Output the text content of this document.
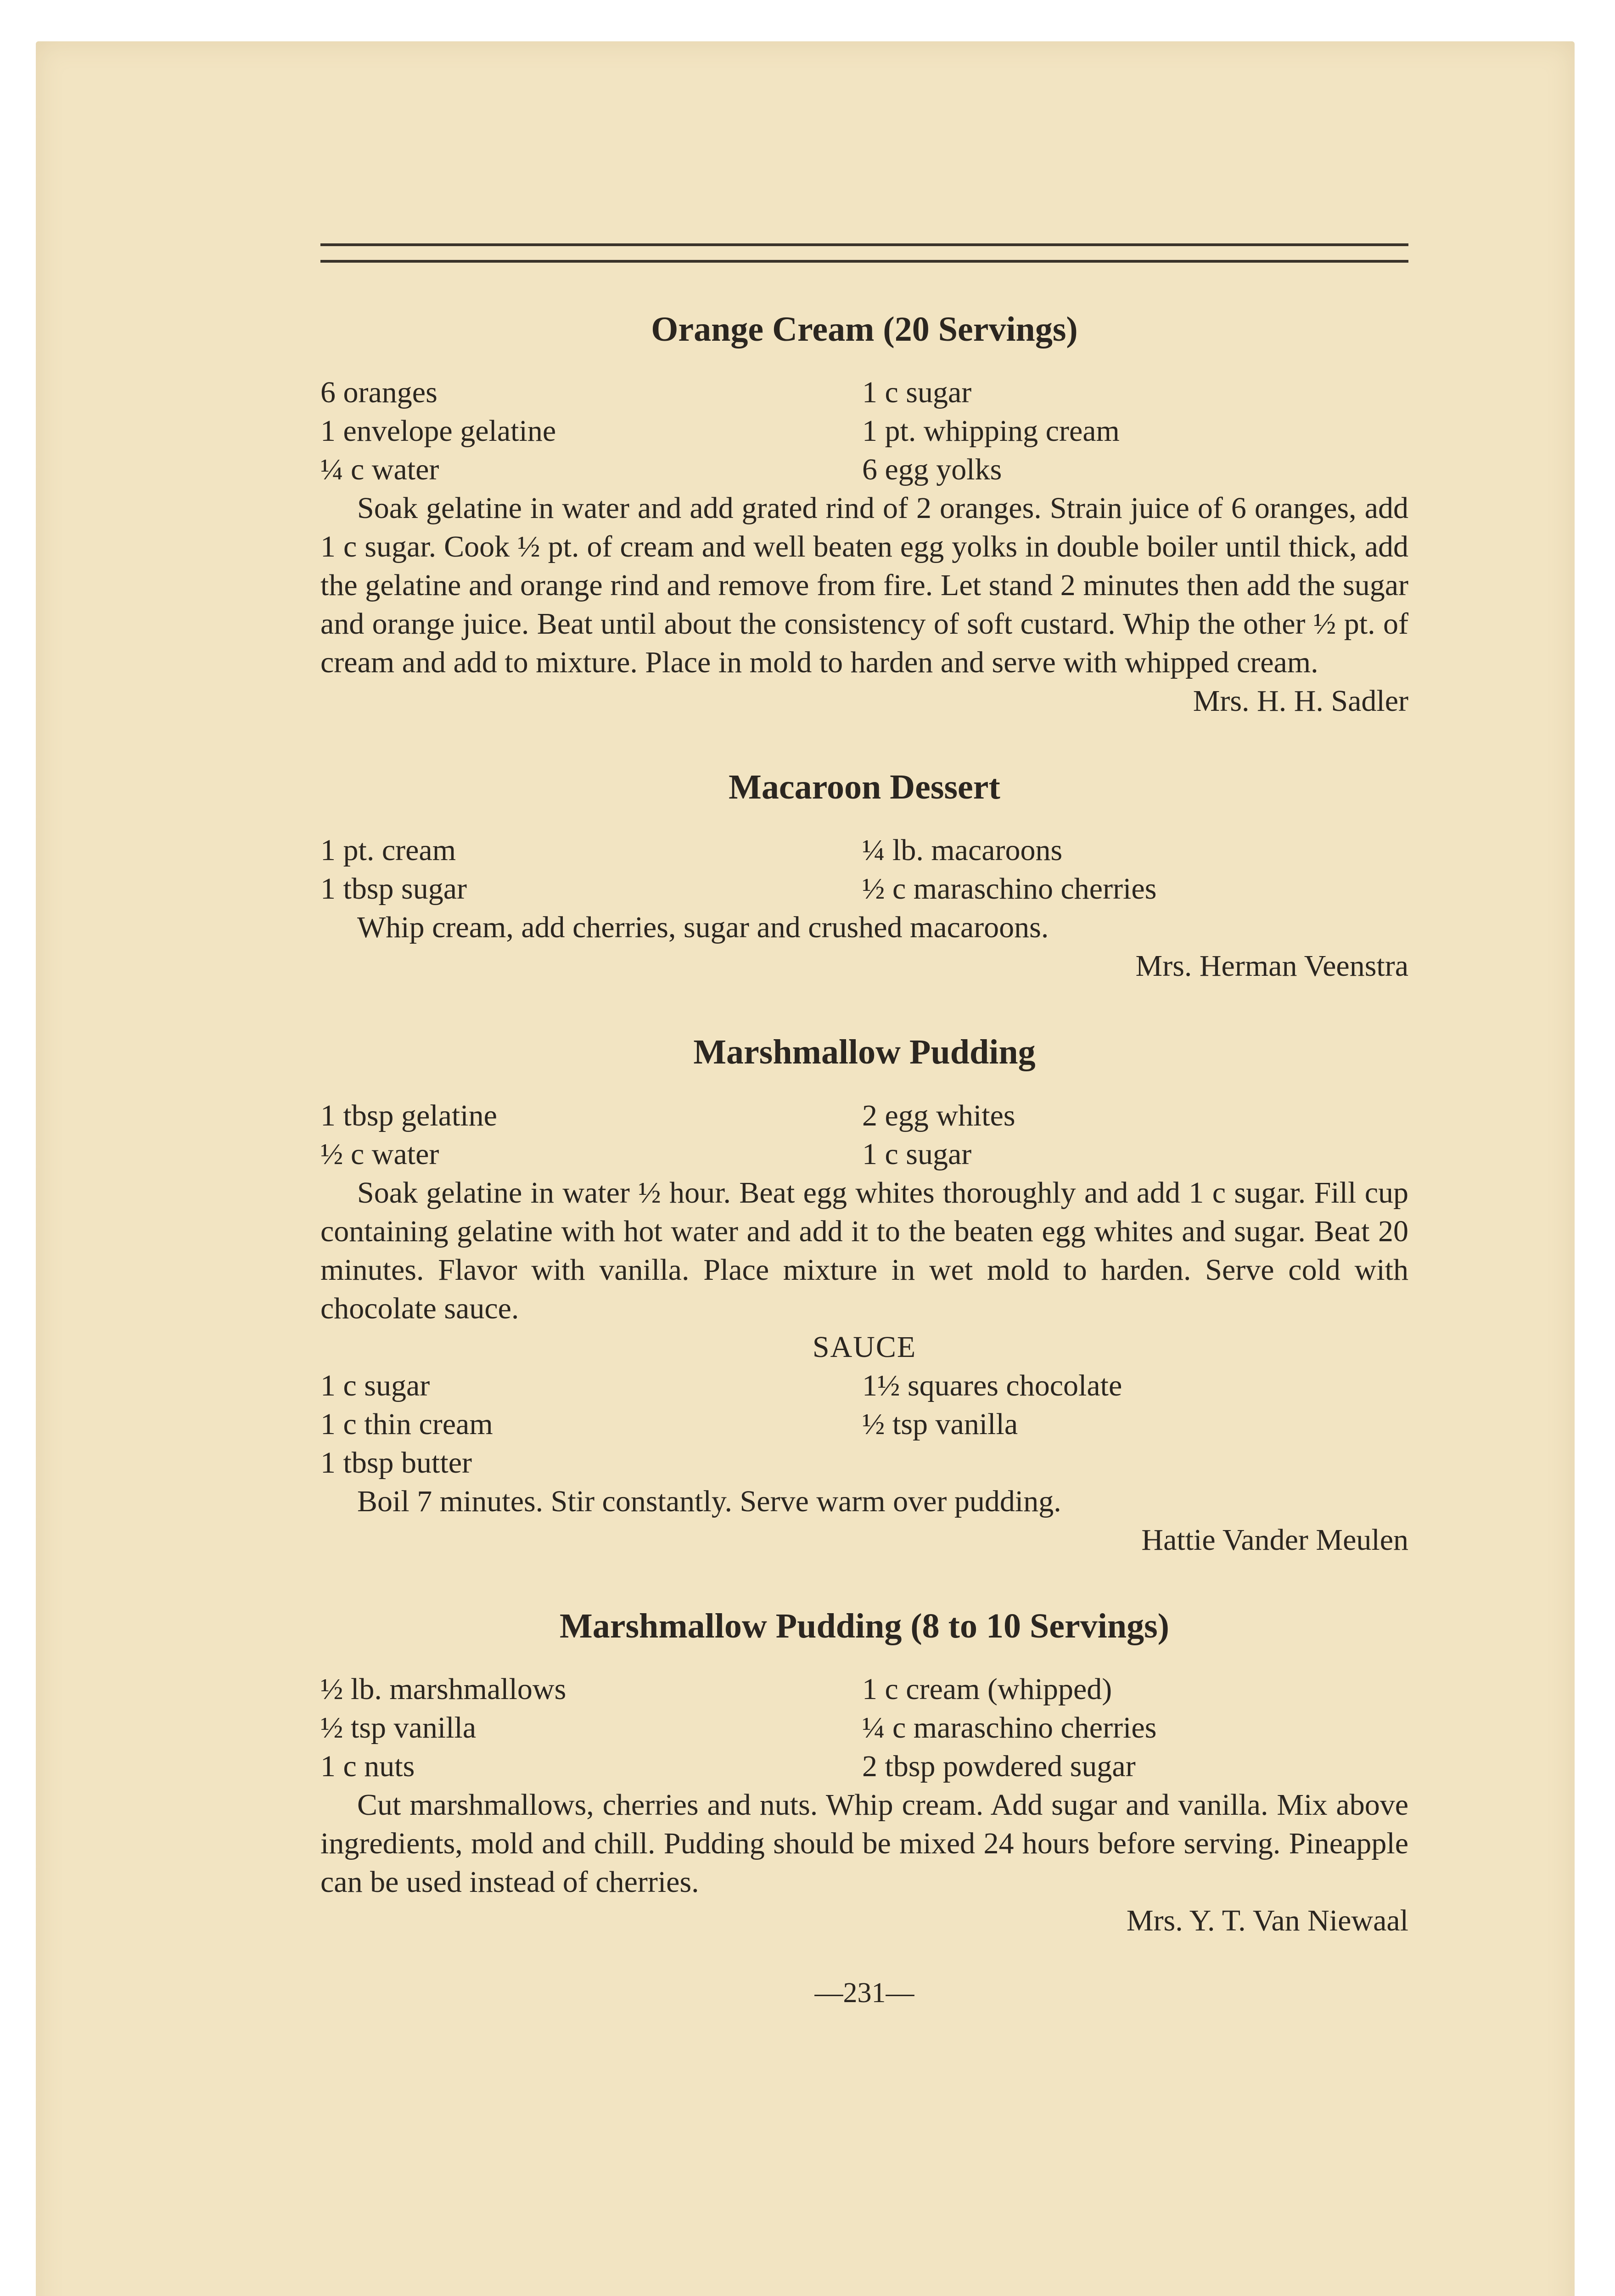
Orange Cream (20 Servings)
6 oranges	1 c sugar
1 envelope gelatine	1 pt. whipping cream
¼ c water	6 egg yolks

Soak gelatine in water and add grated rind of 2 oranges. Strain juice of 6 oranges, add 1 c sugar. Cook ½ pt. of cream and well beaten egg yolks in double boiler until thick, add the gelatine and orange rind and remove from fire. Let stand 2 minutes then add the sugar and orange juice. Beat until about the consistency of soft custard. Whip the other ½ pt. of cream and add to mixture. Place in mold to harden and serve with whipped cream.

Mrs. H. H. Sadler
Macaroon Dessert
1 pt. cream	¼ lb. macaroons
1 tbsp sugar	½ c maraschino cherries

Whip cream, add cherries, sugar and crushed macaroons.

Mrs. Herman Veenstra
Marshmallow Pudding
1 tbsp gelatine	2 egg whites
½ c water	1 c sugar

Soak gelatine in water ½ hour. Beat egg whites thoroughly and add 1 c sugar. Fill cup containing gelatine with hot water and add it to the beaten egg whites and sugar. Beat 20 minutes. Flavor with vanilla. Place mixture in wet mold to harden. Serve cold with chocolate sauce.

SAUCE
1 c sugar	1½ squares chocolate
1 c thin cream	½ tsp vanilla
1 tbsp butter

Boil 7 minutes. Stir constantly. Serve warm over pudding.

Hattie Vander Meulen
Marshmallow Pudding (8 to 10 Servings)
½ lb. marshmallows	1 c cream (whipped)
½ tsp vanilla	¼ c maraschino cherries
1 c nuts	2 tbsp powdered sugar

Cut marshmallows, cherries and nuts. Whip cream. Add sugar and vanilla. Mix above ingredients, mold and chill. Pudding should be mixed 24 hours before serving. Pineapple can be used instead of cherries.

Mrs. Y. T. Van Niewaal
—231—
